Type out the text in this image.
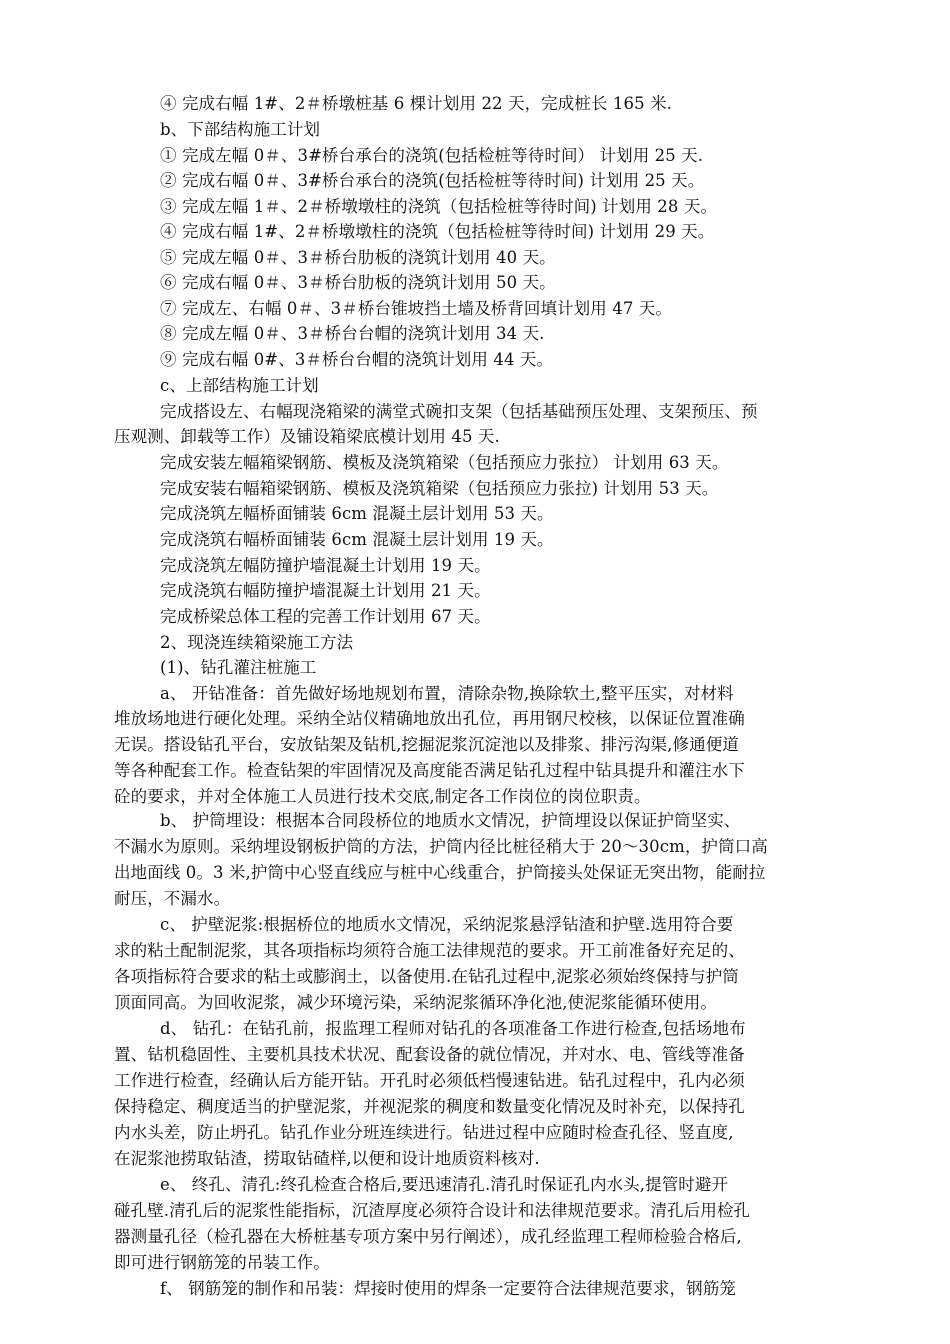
④ 完成右幅 1#、2＃桥墩桩基 6 棵计划用 22 天，完成桩长 165 米.
b、下部结构施工计划
① 完成左幅 0＃、3#桥台承台的浇筑(包括检桩等待时间） 计划用 25 天.
② 完成右幅 0＃、3#桥台承台的浇筑(包括检桩等待时间) 计划用 25 天。
③ 完成左幅 1＃、2＃桥墩墩柱的浇筑（包括检桩等待时间) 计划用 28 天。
④ 完成右幅 1#、2＃桥墩墩柱的浇筑（包括检桩等待时间) 计划用 29 天。
⑤ 完成左幅 0＃、3＃桥台肋板的浇筑计划用 40 天。
⑥ 完成右幅 0＃、3＃桥台肋板的浇筑计划用 50 天。
⑦ 完成左、右幅 0＃、3＃桥台锥坡挡土墙及桥背回填计划用 47 天。
⑧ 完成左幅 0＃、3＃桥台台帽的浇筑计划用 34 天.
⑨ 完成右幅 0#、3＃桥台台帽的浇筑计划用 44 天。
c、上部结构施工计划
完成搭设左、右幅现浇箱梁的满堂式碗扣支架（包括基础预压处理、支架预压、预
压观测、卸载等工作）及铺设箱梁底模计划用 45 天.
完成安装左幅箱梁钢筋、模板及浇筑箱梁（包括预应力张拉） 计划用 63 天。
完成安装右幅箱梁钢筋、模板及浇筑箱梁（包括预应力张拉) 计划用 53 天。
完成浇筑左幅桥面铺装 6cm 混凝土层计划用 53 天。
完成浇筑右幅桥面铺装 6cm 混凝土层计划用 19 天。
完成浇筑左幅防撞护墙混凝土计划用 19 天。
完成浇筑右幅防撞护墙混凝土计划用 21 天。
完成桥梁总体工程的完善工作计划用 67 天。
2、现浇连续箱梁施工方法
(1)、钻孔灌注桩施工
a、 开钻准备：首先做好场地规划布置，清除杂物,换除软土,整平压实，对材料
堆放场地进行硬化处理。采纳全站仪精确地放出孔位，再用钢尺校核，以保证位置准确
无误。搭设钻孔平台，安放钻架及钻机,挖掘泥浆沉淀池以及排浆、排污沟渠,修通便道
等各种配套工作。检查钻架的牢固情况及高度能否满足钻孔过程中钻具提升和灌注水下
砼的要求，并对全体施工人员进行技术交底,制定各工作岗位的岗位职责。
b、 护筒埋设：根据本合同段桥位的地质水文情况，护筒埋设以保证护筒坚实、
不漏水为原则。采纳埋设钢板护筒的方法，护筒内径比桩径稍大于 20～30cm，护筒口高
出地面线 0。3 米,护筒中心竖直线应与桩中心线重合，护筒接头处保证无突出物，能耐拉
耐压，不漏水。
c、 护壁泥浆:根据桥位的地质水文情况，采纳泥浆悬浮钻渣和护壁.选用符合要
求的粘土配制泥浆，其各项指标均须符合施工法律规范的要求。开工前准备好充足的、
各项指标符合要求的粘土或膨润土，以备使用.在钻孔过程中,泥浆必须始终保持与护筒
顶面同高。为回收泥浆，减少环境污染，采纳泥浆循环净化池,使泥浆能循环使用。
d、 钻孔：在钻孔前，报监理工程师对钻孔的各项准备工作进行检查,包括场地布
置、钻机稳固性、主要机具技术状况、配套设备的就位情况，并对水、电、管线等准备
工作进行检查，经确认后方能开钻。开孔时必须低档慢速钻进。钻孔过程中，孔内必须
保持稳定、稠度适当的护壁泥浆，并视泥浆的稠度和数量变化情况及时补充，以保持孔
内水头差，防止坍孔。钻孔作业分班连续进行。钻进过程中应随时检查孔径、竖直度,
在泥浆池捞取钻渣，捞取钻碴样,以便和设计地质资料核对.
e、 终孔、清孔:终孔检查合格后,要迅速清孔.清孔时保证孔内水头,提管时避开
碰孔壁.清孔后的泥浆性能指标，沉渣厚度必须符合设计和法律规范要求。清孔后用检孔
器测量孔径（检孔器在大桥桩基专项方案中另行阐述），成孔经监理工程师检验合格后,
即可进行钢筋笼的吊装工作。
f、 钢筋笼的制作和吊装：焊接时使用的焊条一定要符合法律规范要求，钢筋笼
